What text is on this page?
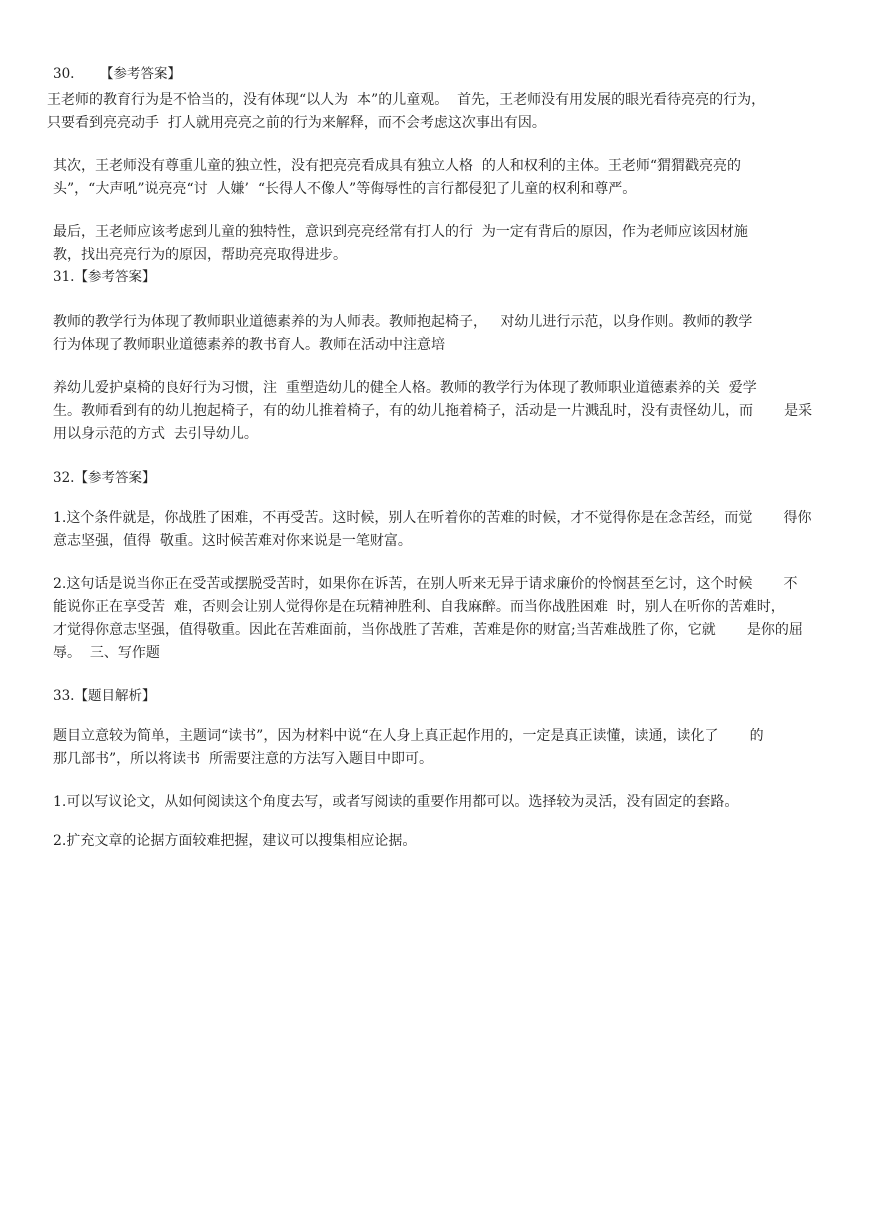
30. 【参考答案】

王老师的教育行为是不恰当的，没有体现“以人为  本”的儿童观。  首先，王老师没有用发展的眼光看待亮亮的行为，

只要看到亮亮动手  打人就用亮亮之前的行为来解释，而不会考虑这次事出有因。

其次，王老师没有尊重儿童的独立性，没有把亮亮看成具有独立人格  的人和权利的主体。王老师“猬猬戳亮亮的

头”，“大声吼”说亮亮“讨  人嫌’  “长得人不像人”等侮辱性的言行都侵犯了儿童的权利和尊严。

最后，王老师应该考虑到儿童的独特性，意识到亮亮经常有打人的行  为一定有背后的原因，作为老师应该因材施

教，找出亮亮行为的原因，帮助亮亮取得进步。

31.【参考答案】

教师的教学行为体现了教师职业道德素养的为人师表。教师抱起椅子，   对幼儿进行示范，以身作则。教师的教学

行为体现了教师职业道德素养的教书育人。教师在活动中注意培

养幼儿爱护桌椅的良好行为习惯，注  重塑造幼儿的健全人格。教师的教学行为体现了教师职业道德素养的关  爱学

生。教师看到有的幼儿抱起椅子，有的幼儿推着椅子，有的幼儿拖着椅子，活动是一片溅乱时，没有责怪幼儿，而       是采

用以身示范的方式  去引导幼儿。

32.【参考答案】

1.这个条件就是，你战胜了困难，不再受苦。这时候，别人在听着你的苦难的时候，才不觉得你是在念苦经，而觉       得你

意志坚强，值得  敬重。这时候苦难对你来说是一笔财富。

2.这句话是说当你正在受苦或摆脱受苦时，如果你在诉苦，在别人听来无异于请求廉价的怜悯甚至乞讨，这个时候       不

能说你正在享受苦  难，否则会让别人觉得你是在玩精神胜利、自我麻醉。而当你战胜困难  时，别人在听你的苦难时，

才觉得你意志坚强，值得敬重。因此在苦难面前，当你战胜了苦难，苦难是你的财富;当苦难战胜了你，它就       是你的屈

辱。  三、写作题

33.【题目解析】

题目立意较为简单，主题词“读书”，因为材料中说“在人身上真正起作用的，一定是真正读懂，读通，读化了       的

那几部书”，所以将读书  所需要注意的方法写入题目中即可。

1.可以写议论文，从如何阅读这个角度去写，或者写阅读的重要作用都可以。选择较为灵活，没有固定的套路。

2.扩充文章的论据方面较难把握，建议可以搜集相应论据。
